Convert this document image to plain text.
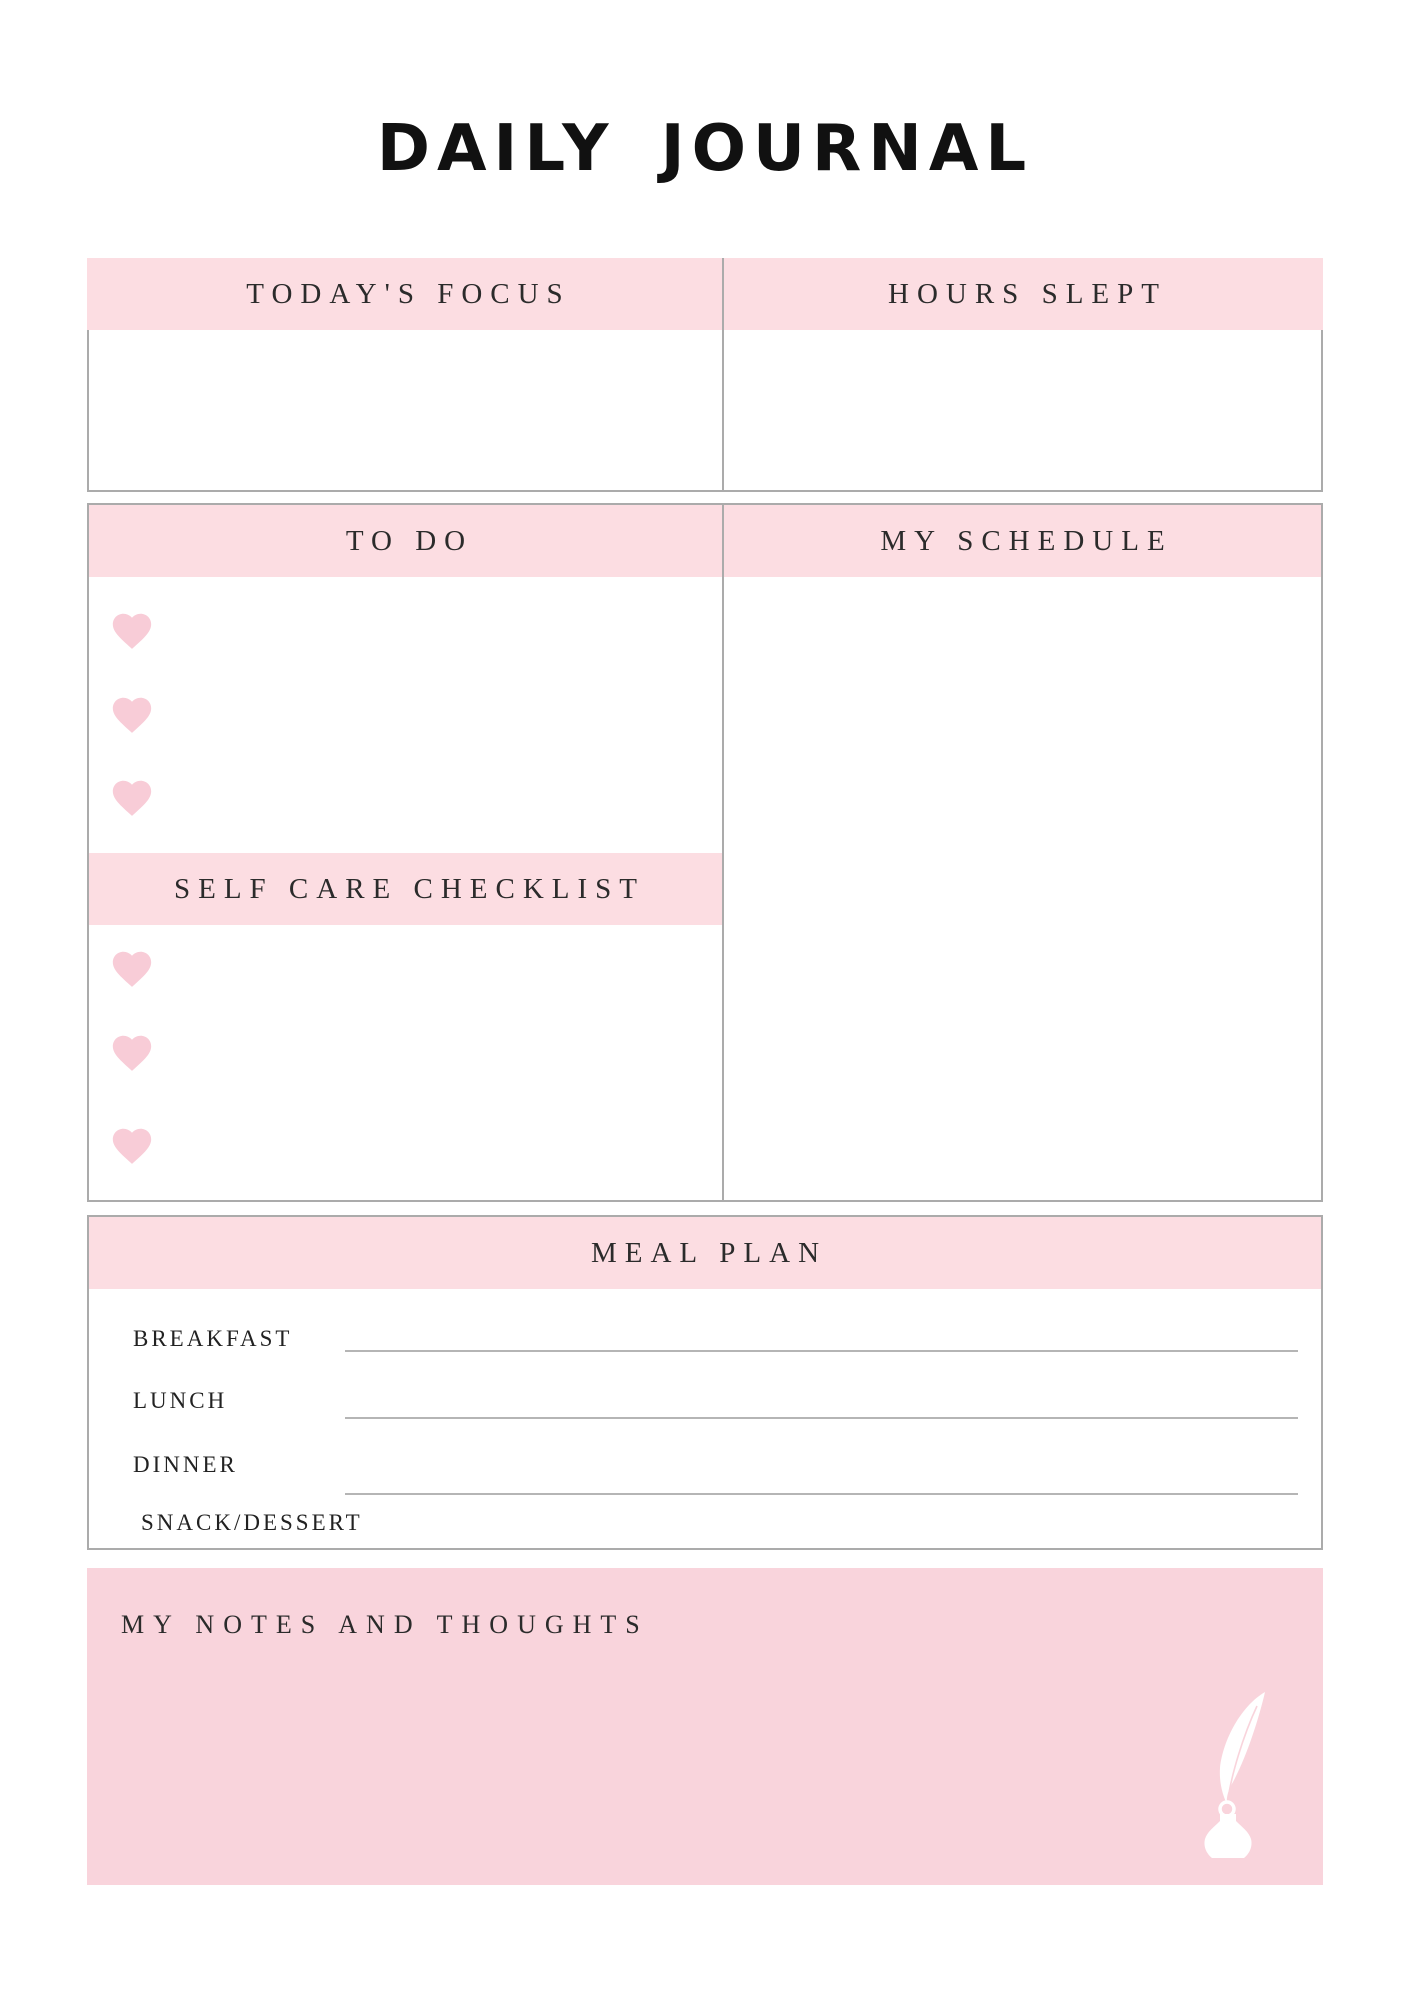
DAILY JOURNAL
TODAY'S FOCUS	HOURS SLEPT
TO DO
SELF CARE CHECKLIST
MY SCHEDULE
MEAL PLAN
BREAKFAST
LUNCH
DINNER
SNACK/DESSERT
MY NOTES AND THOUGHTS
